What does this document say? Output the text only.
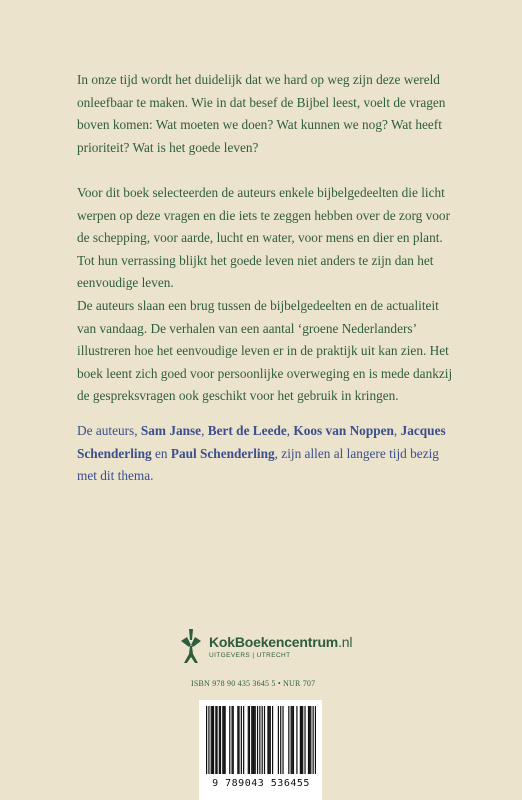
In onze tijd wordt het duidelijk dat we hard op weg zijn deze wereld onleefbaar te maken. Wie in dat besef de Bijbel leest, voelt de vragen boven komen: Wat moeten we doen? Wat kunnen we nog? Wat heeft prioriteit? Wat is het goede leven?

Voor dit boek selecteerden de auteurs enkele bijbelgedeelten die licht werpen op deze vragen en die iets te zeggen hebben over de zorg voor de schepping, voor aarde, lucht en water, voor mens en dier en plant. Tot hun verrassing blijkt het goede leven niet anders te zijn dan het eenvoudige leven.

De auteurs slaan een brug tussen de bijbelgedeelten en de actualiteit van vandaag. De verhalen van een aantal ‘groene Nederlanders’ illustreren hoe het eenvoudige leven er in de praktijk uit kan zien. Het boek leent zich goed voor persoonlijke overweging en is mede dankzij de gespreksvragen ook geschikt voor het gebruik in kringen.

De auteurs, Sam Janse, Bert de Leede, Koos van Noppen, Jacques Schenderling en Paul Schenderling, zijn allen al langere tijd bezig met dit thema.

KokBoekencentrum.nl
UITGEVERS | UTRECHT
ISBN 978 90 435 3645 5 • NUR 707
9 789043 536455
